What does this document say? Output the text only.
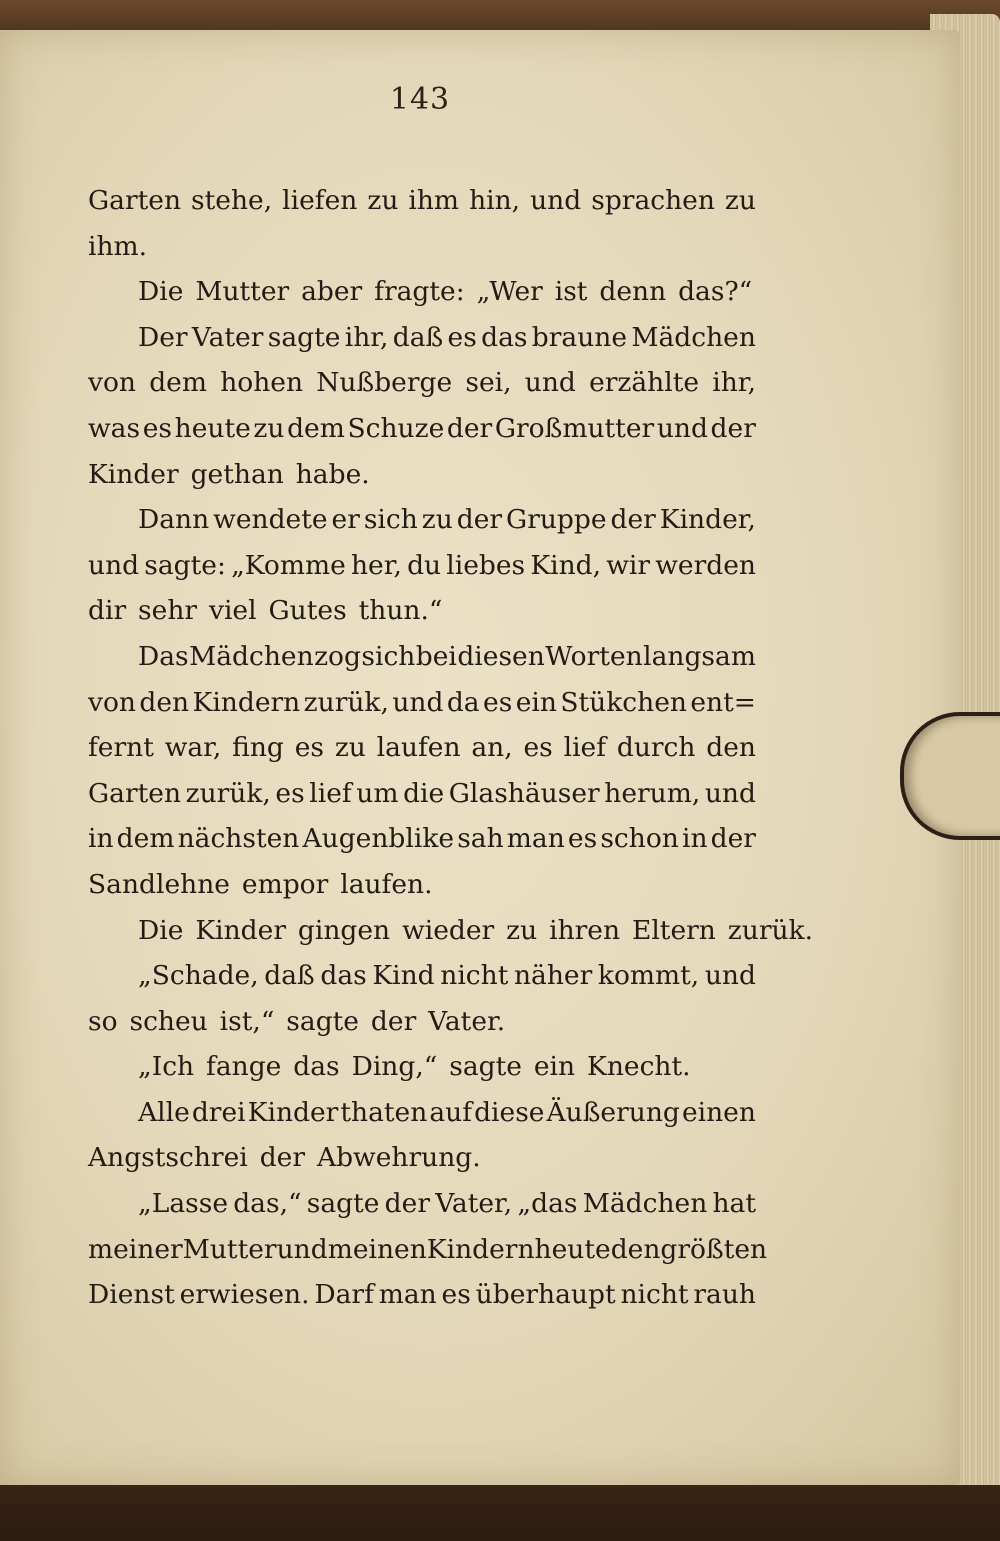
143
Garten stehe, liefen zu ihm hin, und sprachen zu
ihm.
Die Mutter aber fragte: „Wer ist denn das?“
Der Vater sagte ihr, daß es das braune Mädchen
von dem hohen Nußberge sei, und erzählte ihr,
was es heute zu dem Schuze der Großmutter und der
Kinder gethan habe.
Dann wendete er sich zu der Gruppe der Kinder,
und sagte: „Komme her, du liebes Kind, wir werden
dir sehr viel Gutes thun.“
Das Mädchen zog sich bei diesen Worten langsam
von den Kindern zurük, und da es ein Stükchen ent=
fernt war, fing es zu laufen an, es lief durch den
Garten zurük, es lief um die Glashäuser herum, und
in dem nächsten Augenblike sah man es schon in der
Sandlehne empor laufen.
Die Kinder gingen wieder zu ihren Eltern zurük.
„Schade, daß das Kind nicht näher kommt, und
so scheu ist,“ sagte der Vater.
„Ich fange das Ding,“ sagte ein Knecht.
Alle drei Kinder thaten auf diese Äußerung einen
Angstschrei der Abwehrung.
„Lasse das,“ sagte der Vater, „das Mädchen hat
meiner Mutter und meinen Kindern heute den größten
Dienst erwiesen. Darf man es überhaupt nicht rauh
